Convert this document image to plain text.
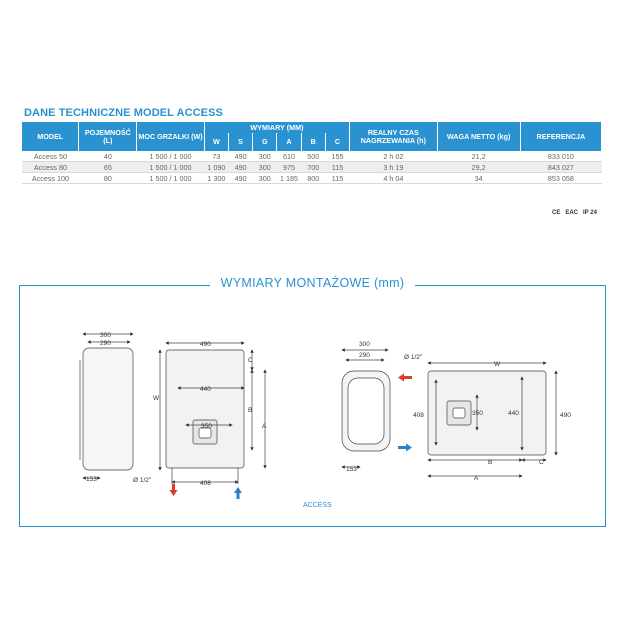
DANE TECHNICZNE MODEL ACCESS
MODEL	POJEMNOŚĆ (L)	MOC GRZAŁKI (W)	WYMIARY (MM)						REALNY CZAS NAGRZEWANIA (h)	WAGA NETTO (kg)	REFERENCJA
			W	S	G	A	B	C			
Access 50	40	1 500 / 1 000	73	490	300	610	500	155	2 h 02	21,2	833 010
Access 80	65	1 500 / 1 000	1 090	490	300	975	700	115	3 h 19	29,2	843 027
Access 100	80	1 500 / 1 000	1 300	490	300	1 185	800	115	4 h 04	34	853 058
CE EAC IP 24
WYMIARY MONTAŻOWE (mm)
300
290
153
W
490
440
350
408
C
B
A
Ø 1/2"
300
290
153
Ø 1/2"
W
B	C
A
408	350	440	490
ACCESS
